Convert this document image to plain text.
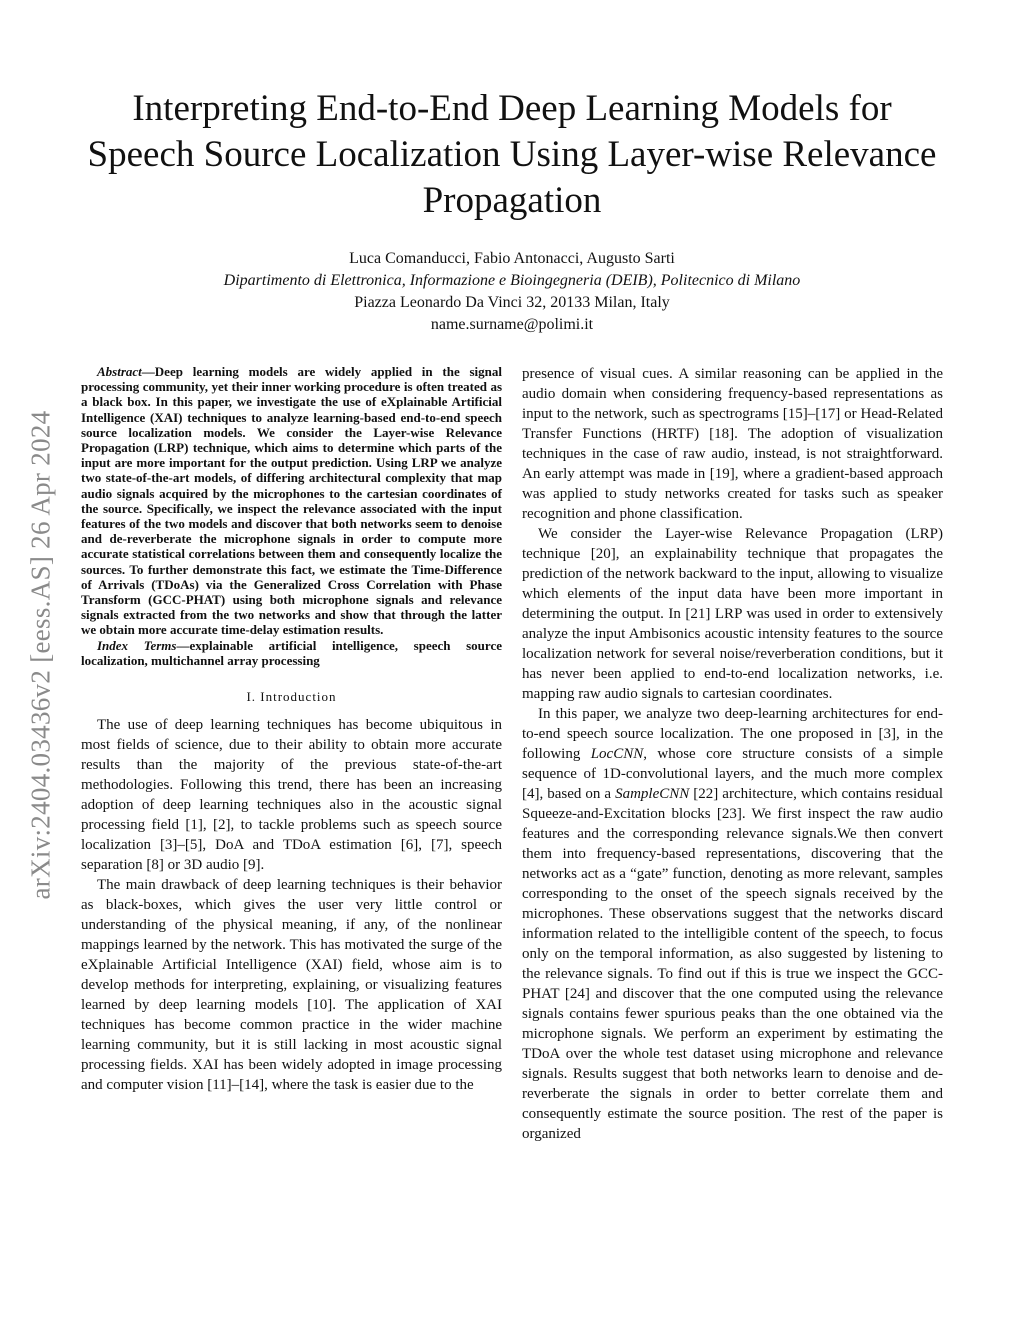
arXiv:2404.03436v2 [eess.AS] 26 Apr 2024
Interpreting End-to-End Deep Learning Models for Speech Source Localization Using Layer-wise Relevance Propagation
Luca Comanducci, Fabio Antonacci, Augusto Sarti
Dipartimento di Elettronica, Informazione e Bioingegneria (DEIB), Politecnico di Milano
Piazza Leonardo Da Vinci 32, 20133 Milan, Italy
name.surname@polimi.it

Abstract—Deep learning models are widely applied in the signal processing community, yet their inner working procedure is often treated as a black box. In this paper, we investigate the use of eXplainable Artificial Intelligence (XAI) techniques to analyze learning-based end-to-end speech source localization models. We consider the Layer-wise Relevance Propagation (LRP) technique, which aims to determine which parts of the input are more important for the output prediction. Using LRP we analyze two state-of-the-art models, of differing architectural complexity that map audio signals acquired by the microphones to the cartesian coordinates of the source. Specifically, we inspect the relevance associated with the input features of the two models and discover that both networks seem to denoise and de-reverberate the microphone signals in order to compute more accurate statistical correlations between them and consequently localize the sources. To further demonstrate this fact, we estimate the Time-Difference of Arrivals (TDoAs) via the Generalized Cross Correlation with Phase Transform (GCC-PHAT) using both microphone signals and relevance signals extracted from the two networks and show that through the latter we obtain more accurate time-delay estimation results.

Index Terms—explainable artificial intelligence, speech source localization, multichannel array processing

I. Introduction

The use of deep learning techniques has become ubiquitous in most fields of science, due to their ability to obtain more accurate results than the majority of the previous state-of-the-art methodologies. Following this trend, there has been an increasing adoption of deep learning techniques also in the acoustic signal processing field [1], [2], to tackle problems such as speech source localization [3]–[5], DoA and TDoA estimation [6], [7], speech separation [8] or 3D audio [9].

The main drawback of deep learning techniques is their behavior as black-boxes, which gives the user very little control or understanding of the physical meaning, if any, of the nonlinear mappings learned by the network. This has motivated the surge of the eXplainable Artificial Intelligence (XAI) field, whose aim is to develop methods for interpreting, explaining, or visualizing features learned by deep learning models [10]. The application of XAI techniques has become common practice in the wider machine learning community, but it is still lacking in most acoustic signal processing fields. XAI has been widely adopted in image processing and computer vision [11]–[14], where the task is easier due to the

presence of visual cues. A similar reasoning can be applied in the audio domain when considering frequency-based representations as input to the network, such as spectrograms [15]–[17] or Head-Related Transfer Functions (HRTF) [18]. The adoption of visualization techniques in the case of raw audio, instead, is not straightforward. An early attempt was made in [19], where a gradient-based approach was applied to study networks created for tasks such as speaker recognition and phone classification.

We consider the Layer-wise Relevance Propagation (LRP) technique [20], an explainability technique that propagates the prediction of the network backward to the input, allowing to visualize which elements of the input data have been more important in determining the output. In [21] LRP was used in order to extensively analyze the input Ambisonics acoustic intensity features to the source localization network for several noise/reverberation conditions, but it has never been applied to end-to-end localization networks, i.e. mapping raw audio signals to cartesian coordinates.

In this paper, we analyze two deep-learning architectures for end-to-end speech source localization. The one proposed in [3], in the following LocCNN, whose core structure consists of a simple sequence of 1D-convolutional layers, and the much more complex [4], based on a SampleCNN [22] architecture, which contains residual Squeeze-and-Excitation blocks [23]. We first inspect the raw audio features and the corresponding relevance signals.We then convert them into frequency-based representations, discovering that the networks act as a “gate” function, denoting as more relevant, samples corresponding to the onset of the speech signals received by the microphones. These observations suggest that the networks discard information related to the intelligible content of the speech, to focus only on the temporal information, as also suggested by listening to the relevance signals. To find out if this is true we inspect the GCC-PHAT [24] and discover that the one computed using the relevance signals contains fewer spurious peaks than the one obtained via the microphone signals. We perform an experiment by estimating the TDoA over the whole test dataset using microphone and relevance signals. Results suggest that both networks learn to denoise and de-reverberate the signals in order to better correlate them and consequently estimate the source position. The rest of the paper is organized
